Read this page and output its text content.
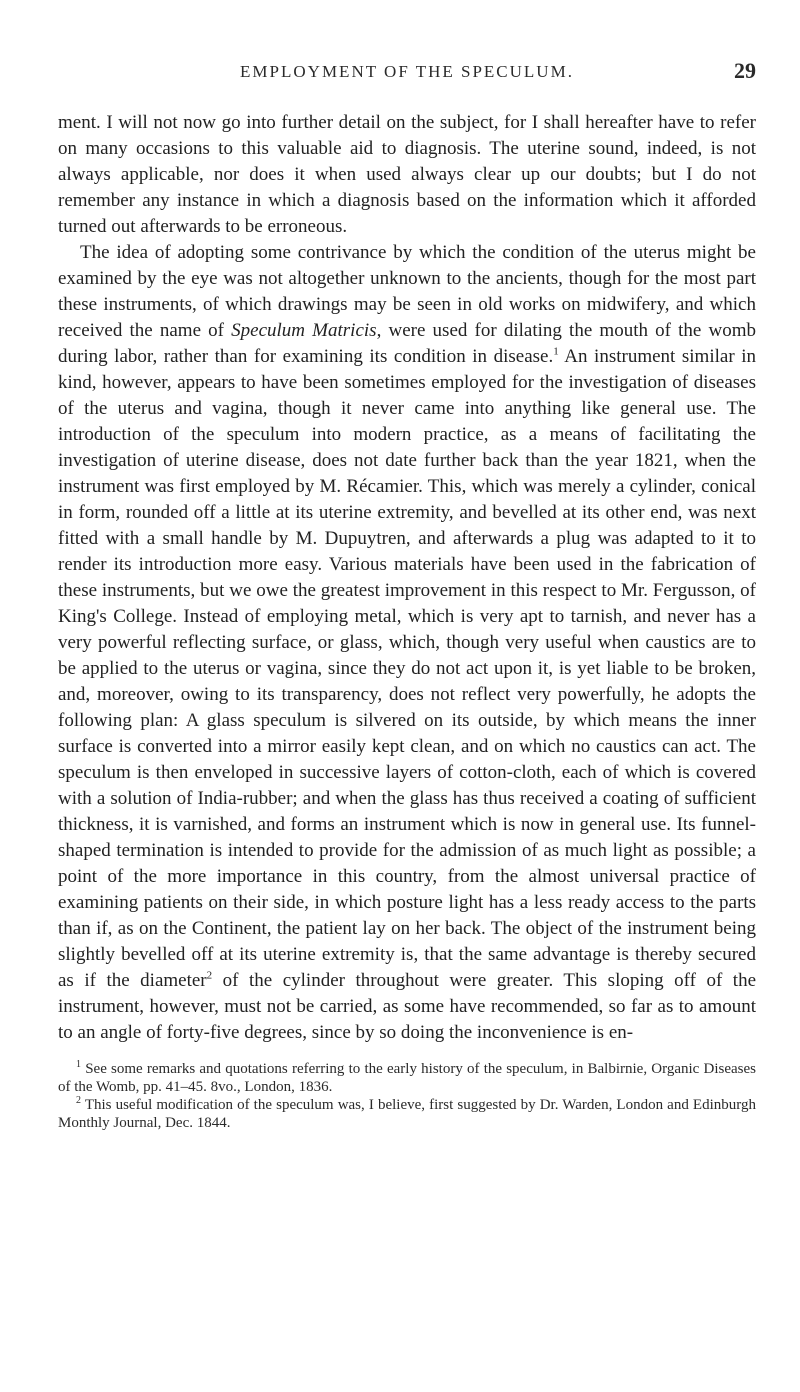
EMPLOYMENT OF THE SPECULUM.	29

ment. I will not now go into further detail on the subject, for I shall hereafter have to refer on many occasions to this valuable aid to diagnosis. The uterine sound, indeed, is not always applicable, nor does it when used always clear up our doubts; but I do not remember any instance in which a diagnosis based on the information which it afforded turned out afterwards to be erroneous.

The idea of adopting some contrivance by which the condition of the uterus might be examined by the eye was not altogether unknown to the ancients, though for the most part these instruments, of which drawings may be seen in old works on midwifery, and which received the name of Speculum Matricis, were used for dilating the mouth of the womb during labor, rather than for examining its condition in disease.$^1$ An instrument similar in kind, however, appears to have been sometimes employed for the investigation of diseases of the uterus and vagina, though it never came into anything like general use. The introduction of the speculum into modern practice, as a means of facilitating the investigation of uterine disease, does not date further back than the year 1821, when the instrument was first employed by M. Récamier. This, which was merely a cylinder, conical in form, rounded off a little at its uterine extremity, and bevelled at its other end, was next fitted with a small handle by M. Dupuytren, and afterwards a plug was adapted to it to render its introduction more easy. Various materials have been used in the fabrication of these instruments, but we owe the greatest improvement in this respect to Mr. Fergusson, of King's College. Instead of employing metal, which is very apt to tarnish, and never has a very powerful reflecting surface, or glass, which, though very useful when caustics are to be applied to the uterus or vagina, since they do not act upon it, is yet liable to be broken, and, moreover, owing to its transparency, does not reflect very powerfully, he adopts the following plan: A glass speculum is silvered on its outside, by which means the inner surface is converted into a mirror easily kept clean, and on which no caustics can act. The speculum is then enveloped in successive layers of cotton-cloth, each of which is covered with a solution of India-rubber; and when the glass has thus received a coating of sufficient thickness, it is varnished, and forms an instrument which is now in general use. Its funnel-shaped termination is intended to provide for the admission of as much light as possible; a point of the more importance in this country, from the almost universal practice of examining patients on their side, in which posture light has a less ready access to the parts than if, as on the Continent, the patient lay on her back. The object of the instrument being slightly bevelled off at its uterine extremity is, that the same advantage is thereby secured as if the diameter$^2$ of the cylinder throughout were greater. This sloping off of the instrument, however, must not be carried, as some have recommended, so far as to amount to an angle of forty-five degrees, since by so doing the inconvenience is en-

$^1$ See some remarks and quotations referring to the early history of the speculum, in Balbirnie, Organic Diseases of the Womb, pp. 41–45. 8vo., London, 1836.

$^2$ This useful modification of the speculum was, I believe, first suggested by Dr. Warden, London and Edinburgh Monthly Journal, Dec. 1844.
